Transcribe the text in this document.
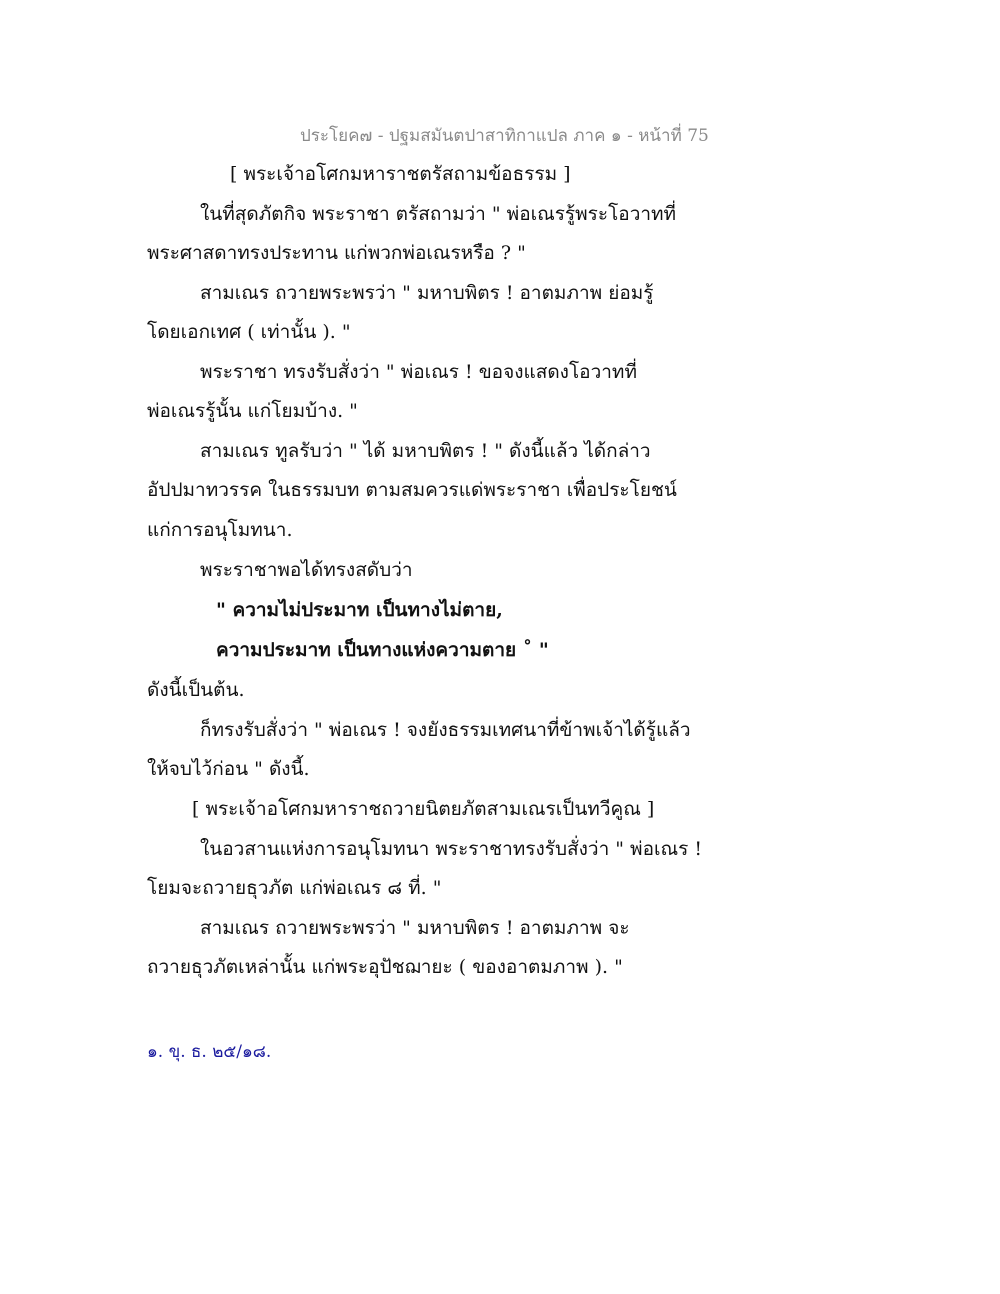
ประโยค๗ - ปฐมสมันตปาสาทิกาแปล ภาค ๑ - หน้าที่ 75
[ พระเจ้าอโศกมหาราชตรัสถามข้อธรรม ]
ในที่สุดภัตกิจ พระราชา ตรัสถามว่า " พ่อเณรรู้พระโอวาทที่
พระศาสดาทรงประทาน แก่พวกพ่อเณรหรือ ? "
สามเณร ถวายพระพรว่า " มหาบพิตร ! อาตมภาพ ย่อมรู้
โดยเอกเทศ ( เท่านั้น ). "
พระราชา ทรงรับสั่งว่า " พ่อเณร ! ขอจงแสดงโอวาทที่
พ่อเณรรู้นั้น แก่โยมบ้าง. "
สามเณร ทูลรับว่า " ได้ มหาบพิตร ! " ดังนี้แล้ว ได้กล่าว
อัปปมาทวรรค ในธรรมบท ตามสมควรแด่พระราชา เพื่อประโยชน์
แก่การอนุโมทนา.
พระราชาพอได้ทรงสดับว่า
" ความไม่ประมาท เป็นทางไม่ตาย,
ความประมาท เป็นทางแห่งความตาย ˚ "
ดังนี้เป็นต้น.
ก็ทรงรับสั่งว่า " พ่อเณร ! จงยังธรรมเทศนาที่ข้าพเจ้าได้รู้แล้ว
ให้จบไว้ก่อน " ดังนี้.
[ พระเจ้าอโศกมหาราชถวายนิตยภัตสามเณรเป็นทวีคูณ ]
ในอวสานแห่งการอนุโมทนา พระราชาทรงรับสั่งว่า " พ่อเณร !
โยมจะถวายธุวภัต แก่พ่อเณร ๘ ที่. "
สามเณร ถวายพระพรว่า " มหาบพิตร ! อาตมภาพ จะ
ถวายธุวภัตเหล่านั้น แก่พระอุปัชฌายะ ( ของอาตมภาพ ). "
๑. ขุ. ธ. ๒๕/๑๘.
